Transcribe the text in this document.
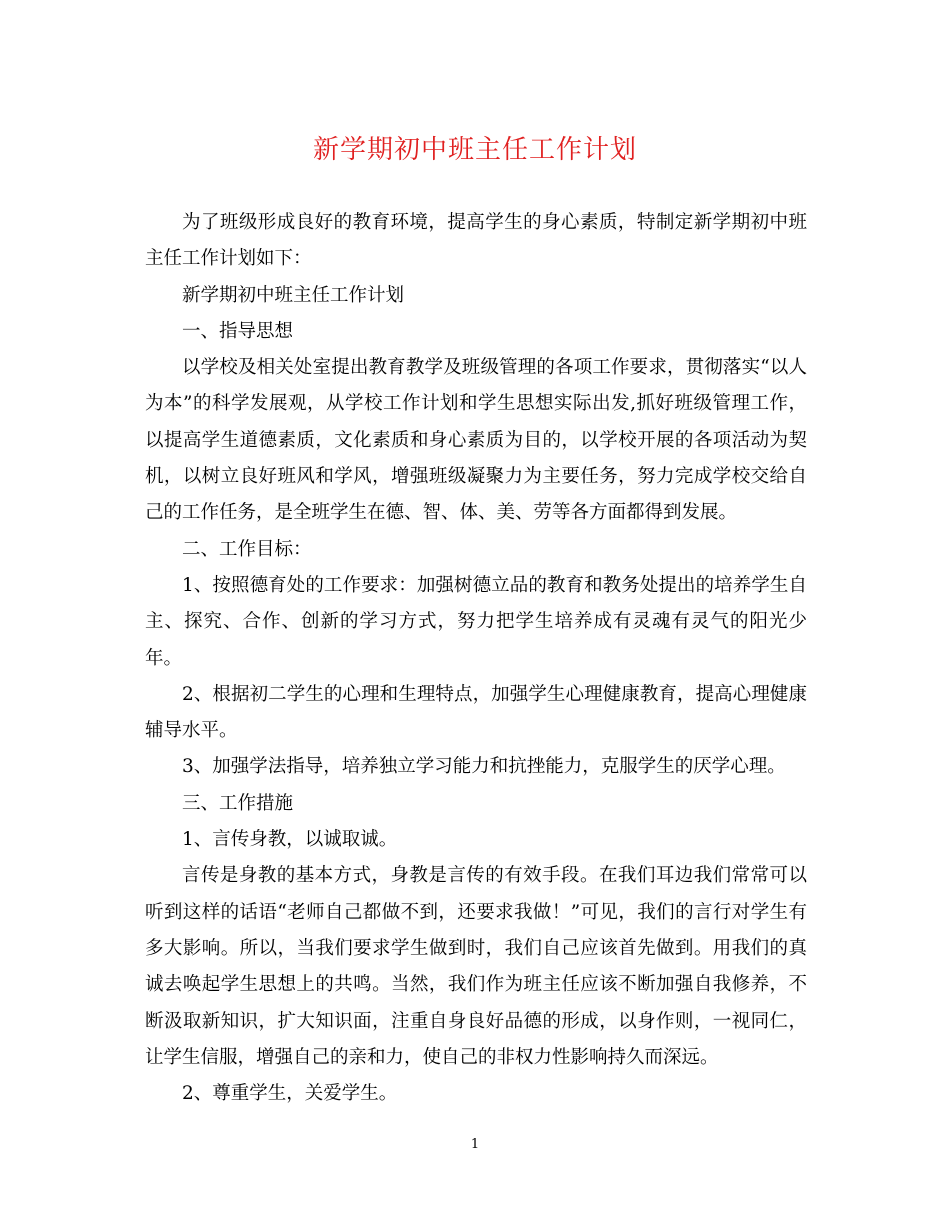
新学期初中班主任工作计划

为了班级形成良好的教育环境，提高学生的身心素质，特制定新学期初中班主任工作计划如下：

新学期初中班主任工作计划

一、指导思想

以学校及相关处室提出教育教学及班级管理的各项工作要求，贯彻落实“以人为本”的科学发展观，从学校工作计划和学生思想实际出发,抓好班级管理工作，以提高学生道德素质，文化素质和身心素质为目的，以学校开展的各项活动为契机，以树立良好班风和学风，增强班级凝聚力为主要任务，努力完成学校交给自己的工作任务，是全班学生在德、智、体、美、劳等各方面都得到发展。

二、工作目标：

1、按照德育处的工作要求：加强树德立品的教育和教务处提出的培养学生自主、探究、合作、创新的学习方式，努力把学生培养成有灵魂有灵气的阳光少年。

2、根据初二学生的心理和生理特点，加强学生心理健康教育，提高心理健康辅导水平。

3、加强学法指导，培养独立学习能力和抗挫能力，克服学生的厌学心理。

三、工作措施

1、言传身教，以诚取诚。

言传是身教的基本方式，身教是言传的有效手段。在我们耳边我们常常可以听到这样的话语“老师自己都做不到，还要求我做！”可见，我们的言行对学生有多大影响。所以，当我们要求学生做到时，我们自己应该首先做到。用我们的真诚去唤起学生思想上的共鸣。当然，我们作为班主任应该不断加强自我修养，不断汲取新知识，扩大知识面，注重自身良好品德的形成，以身作则，一视同仁，让学生信服，增强自己的亲和力，使自己的非权力性影响持久而深远。

2、尊重学生，关爱学生。

1
